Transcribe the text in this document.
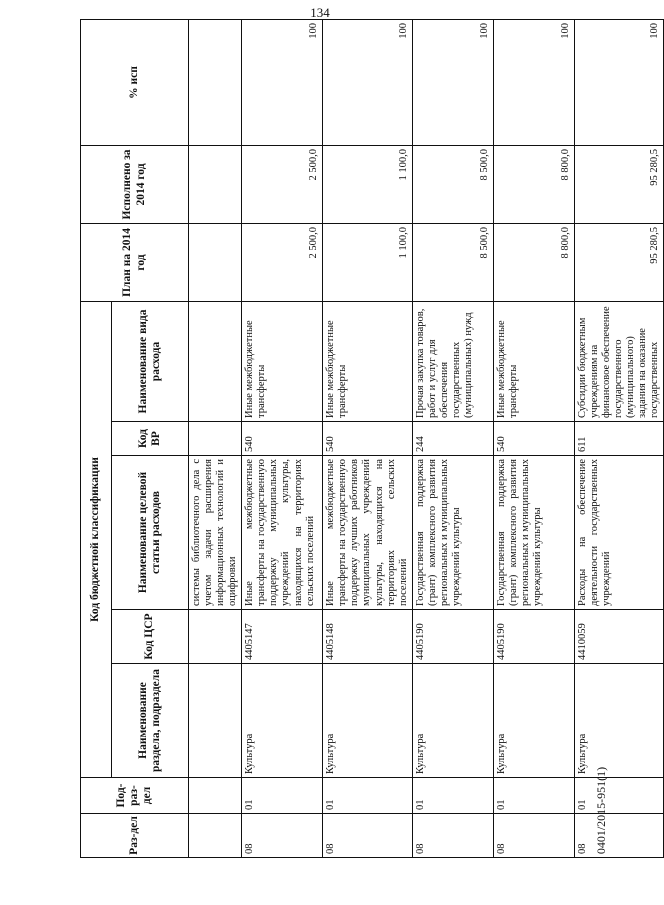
134
Раз-дел	Под-раз-дел	Код бюджетной классификации					План на 2014 год	Исполнено за 2014 год	% исп
		Наименование раздела, подраздела	Код ЦСР	Наименование целевой статьи расходов	Код ВР	Наименование вида расхода			
				системы библиотечного дела с учетом задачи расширения информационных технологий и оцифровки					
08	01	Культура	4405147	Иные межбюджетные трансферты на государственную поддержку муниципальных учреждений культуры, находящихся на территориях сельских поселений	540	Иные межбюджетные трансферты	2 500,0	2 500,0	100
08	01	Культура	4405148	Иные межбюджетные трансферты на государственную поддержку лучших работников муниципальных учреждений культуры, находящихся на территориях сельских поселений	540	Иные межбюджетные трансферты	1 100,0	1 100,0	100
08	01	Культура	4405190	Государственная поддержка (грант) комплексного развития региональных и муниципальных учреждений культуры	244	Прочая закупка товаров, работ и услуг для обеспечения государственных (муниципальных) нужд	8 500,0	8 500,0	100
08	01	Культура	4405190	Государственная поддержка (грант) комплексного развития региональных и муниципальных учреждений культуры	540	Иные межбюджетные трансферты	8 800,0	8 800,0	100
08	01	Культура	4410059	Расходы на обеспечение деятельности государственных учреждений	611	Субсидии бюджетным учреждениям на финансовое обеспечение государственного (муниципального) задания на оказание государственных	95 280,5	95 280,5	100
0401/2015-951(1)
